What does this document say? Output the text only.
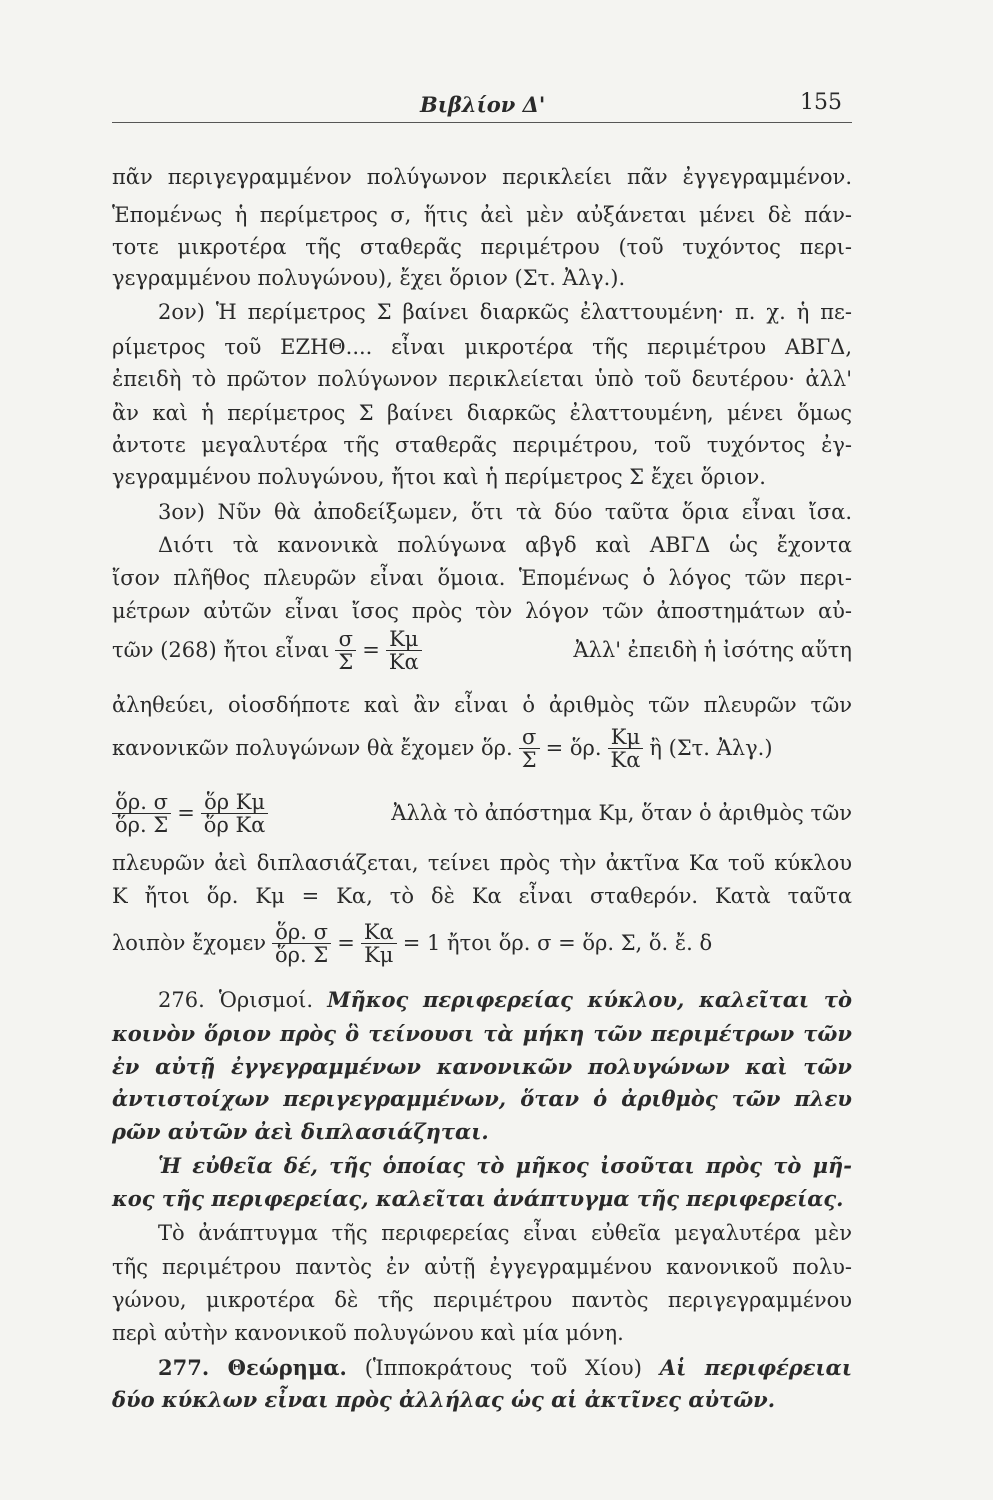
Βιβλίον Δ'	155
πᾶν περιγεγραμμένον πολύγωνον περικλείει πᾶν ἐγγεγραμμένον.
Ἑπομένως ἡ περίμετρος σ, ἥτις ἀεὶ μὲν αὐξάνεται μένει δὲ πάν-
τοτε μικροτέρα τῆς σταθερᾶς περιμέτρου (τοῦ τυχόντος περι-
γεγραμμένου πολυγώνου), ἔχει ὅριον (Στ. Ἀλγ.).
2ον) Ἡ περίμετρος Σ βαίνει διαρκῶς ἐλαττουμένη· π. χ. ἡ πε-
ρίμετρος τοῦ ΕΖΗΘ.... εἶναι μικροτέρα τῆς περιμέτρου ΑΒΓΔ,
ἐπειδὴ τὸ πρῶτον πολύγωνον περικλείεται ὑπὸ τοῦ δευτέρου· ἀλλ'
ἂν καὶ ἡ περίμετρος Σ βαίνει διαρκῶς ἐλαττουμένη, μένει ὅμως
ἀντοτε μεγαλυτέρα τῆς σταθερᾶς περιμέτρου, τοῦ τυχόντος ἐγ-
γεγραμμένου πολυγώνου, ἤτοι καὶ ἡ περίμετρος Σ ἔχει ὅριον.
3ον) Νῦν θὰ ἀποδείξωμεν, ὅτι τὰ δύο ταῦτα ὅρια εἶναι ἴσα.
Διότι τὰ κανονικὰ πολύγωνα αβγδ καὶ ΑΒΓΔ ὡς ἔχοντα
ἴσον πλῆθος πλευρῶν εἶναι ὅμοια. Ἑπομένως ὁ λόγος τῶν περι-
μέτρων αὐτῶν εἶναι ἴσος πρὸς τὸν λόγον τῶν ἀποστημάτων αὐ-
τῶν (268) ἤτοι εἶναι $\frac{\sigma}{\Sigma} = \frac{K\mu}{K\alpha}$	Ἀλλ' ἐπειδὴ ἡ ἰσότης αὕτη
ἀληθεύει, οἱοσδήποτε καὶ ἂν εἶναι ὁ ἀριθμὸς τῶν πλευρῶν τῶν
κανονικῶν πολυγώνων θὰ ἔχομεν ὅρ. $\frac{\sigma}{\Sigma}$ = ὅρ. $\frac{K\mu}{K\alpha}$ ἢ (Στ. Ἀλγ.)
$\frac{\text{ὅρ. σ}}{\text{ὅρ. Σ}} = \frac{\text{ὅρ Κμ}}{\text{ὅρ Κα}}$	Ἀλλὰ τὸ ἀπόστημα Κμ, ὅταν ὁ ἀριθμὸς τῶν
πλευρῶν ἀεὶ διπλασιάζεται, τείνει πρὸς τὴν ἀκτῖνα Κα τοῦ κύκλου
Κ ἤτοι ὅρ. Κμ = Κα, τὸ δὲ Κα εἶναι σταθερόν. Κατὰ ταῦτα
λοιπὸν ἔχομεν $\frac{\text{ὅρ. σ}}{\text{ὅρ. Σ}} = \frac{K\alpha}{K\mu} = 1$ ἤτοι ὅρ. σ = ὅρ. Σ, ὅ. ἔ. δ
276. Ὁρισμοί. Μῆκος περιφερείας κύκλου, καλεῖται τὸ
κοινὸν ὅριον πρὸς ὃ τείνουσι τὰ μήκη τῶν περιμέτρων τῶν
ἐν αὐτῇ ἐγγεγραμμένων κανονικῶν πολυγώνων καὶ τῶν
ἀντιστοίχων περιγεγραμμένων, ὅταν ὁ ἀριθμὸς τῶν πλευ
ρῶν αὐτῶν ἀεὶ διπλασιάζηται.
Ἡ εὐθεῖα δέ, τῆς ὁποίας τὸ μῆκος ἰσοῦται πρὸς τὸ μῆ-
κος τῆς περιφερείας, καλεῖται ἀνάπτυγμα τῆς περιφερείας.
Τὸ ἀνάπτυγμα τῆς περιφερείας εἶναι εὐθεῖα μεγαλυτέρα μὲν
τῆς περιμέτρου παντὸς ἐν αὐτῇ ἐγγεγραμμένου κανονικοῦ πολυ-
γώνου, μικροτέρα δὲ τῆς περιμέτρου παντὸς περιγεγραμμένου
περὶ αὐτὴν κανονικοῦ πολυγώνου καὶ μία μόνη.
277. Θεώρημα. (Ἱπποκράτους τοῦ Χίου) Αἱ περιφέρειαι
δύο κύκλων εἶναι πρὸς ἀλλήλας ὡς αἱ ἀκτῖνες αὐτῶν.
